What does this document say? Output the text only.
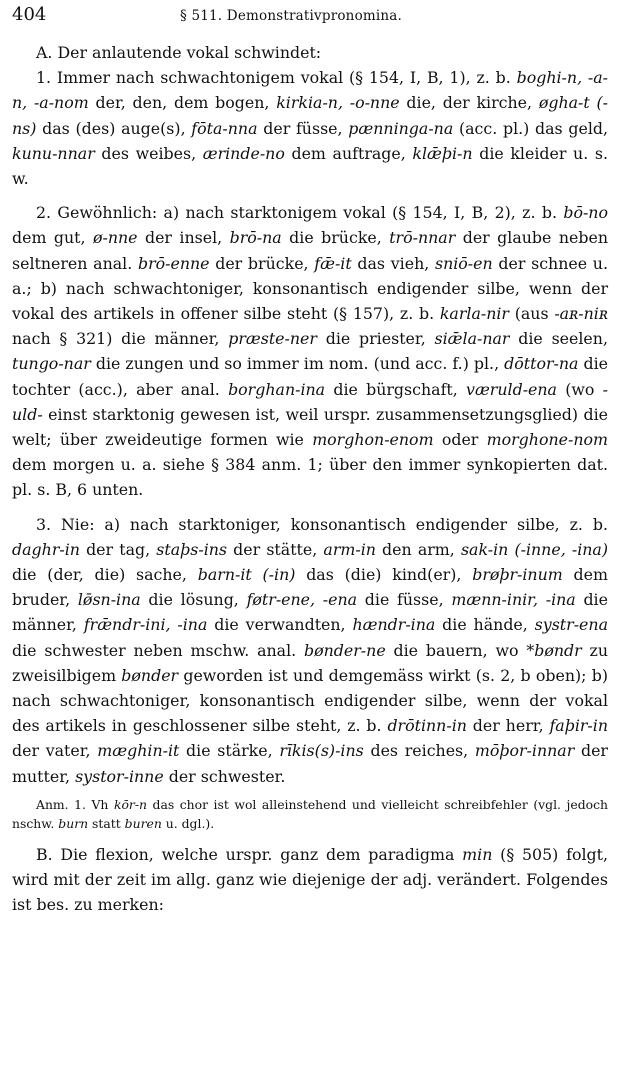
404	§ 511. Demonstrativpronomina.

A. Der anlautende vokal schwindet:

1. Immer nach schwachtonigem vokal (§ 154, I, B, 1), z. b. boghi-n, -a-n, -a-nom der, den, dem bogen, kirkia-n, -o-nne die, der kirche, øgha-t (-ns) das (des) auge(s), fōta-nna der füsse, pænninga-na (acc. pl.) das geld, kunu-nnar des weibes, ærinde-no dem auftrage, klǣþi-n die kleider u. s. w.

2. Gewöhnlich: a) nach starktonigem vokal (§ 154, I, B, 2), z. b. bō-no dem gut, ø-nne der insel, brō-na die brücke, trō-nnar der glaube neben seltneren anal. brō-enne der brücke, fǣ-it das vieh, sniō-en der schnee u. a.; b) nach schwachtoniger, konsonantisch endigender silbe, wenn der vokal des artikels in offener silbe steht (§ 157), z. b. karla-nir (aus -aʀ-niʀ nach § 321) die männer, præste-ner die priester, siǣla-nar die seelen, tungo-nar die zungen und so immer im nom. (und acc. f.) pl., dōttor-na die tochter (acc.), aber anal. borghan-ina die bürgschaft, væruld-ena (wo -uld- einst starktonig gewesen ist, weil urspr. zusammensetzungsglied) die welt; über zweideutige formen wie morghon-enom oder morghone-nom dem morgen u. a. siehe § 384 anm. 1; über den immer synkopierten dat. pl. s. B, 6 unten.

3. Nie: a) nach starktoniger, konsonantisch endigender silbe, z. b. daghr-in der tag, staþs-ins der stätte, arm-in den arm, sak-in (-inne, -ina) die (der, die) sache, barn-it (-in) das (die) kind(er), brøþr-inum dem bruder, lø̄sn-ina die lösung, føtr-ene, -ena die füsse, mænn-inir, -ina die männer, frǣndr-ini, -ina die verwandten, hændr-ina die hände, systr-ena die schwester neben mschw. anal. bønder-ne die bauern, wo *bøndr zu zweisilbigem bønder geworden ist und demgemäss wirkt (s. 2, b oben); b) nach schwachtoniger, konsonantisch endigender silbe, wenn der vokal des artikels in geschlossener silbe steht, z. b. drōtinn-in der herr, faþir-in der vater, mæghin-it die stärke, rīkis(s)-ins des reiches, mōþor-innar der mutter, systor-inne der schwester.

Anm. 1. Vh kōr-n das chor ist wol alleinstehend und vielleicht schreibfehler (vgl. jedoch nschw. burn statt buren u. dgl.).

B. Die flexion, welche urspr. ganz dem paradigma min (§ 505) folgt, wird mit der zeit im allg. ganz wie diejenige der adj. verändert. Folgendes ist bes. zu merken:
